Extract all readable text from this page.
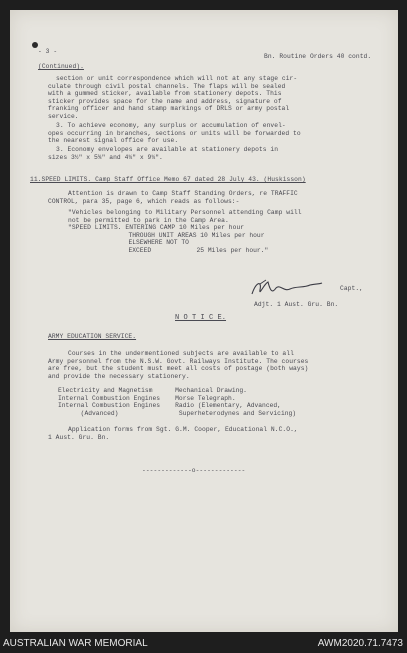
- 3 -
Bn. Routine Orders 40 contd.
(Continued).
section or unit correspondence which will not at any stage cir-
culate through civil postal channels. The flaps will be sealed
with a gummed sticker, available from stationery depots. This
sticker provides space for the name and address, signature of
franking officer and hand stamp markings of DRLS or army postal
service.
3. To achieve economy, any surplus or accumulation of envel-
opes occurring in branches, sections or units will be forwarded to
the nearest signal office for use.
3. Economy envelopes are available at stationery depots in
sizes 3½" x 5¾" and 4¼" x 9¼".
11.SPEED LIMITS. Camp Staff Office Memo 67 dated 28 July 43. (Huskisson)
Attention is drawn to Camp Staff Standing Orders, re TRAFFIC
CONTROL, para 35, page 6, which reads as follows:-
"Vehicles belonging to Military Personnel attending Camp will
not be permitted to park in the Camp Area.
"SPEED LIMITS. ENTERING CAMP 10 Miles per hour
THROUGH UNIT AREAS 10 Miles per hour
ELSEWHERE NOT TO
EXCEED            25 Miles per hour."
Capt.,
Adjt. 1 Aust. Gru. Bn.
N O T I C E.
ARMY EDUCATION SERVICE.
Courses in the undermentioned subjects are available to all
Army personnel from the N.S.W. Govt. Railways Institute. The courses
are free, but the student must meet all costs of postage (both ways)
and provide the necessary stationery.
Electricity and Magnetism      Mechanical Drawing.
Internal Combustion Engines    Morse Telegraph.
Internal Combustion Engines    Radio (Elementary, Advanced,
(Advanced)                Superheterodynes and Servicing)
Application forms from Sgt. G.M. Cooper, Educational N.C.O.,
1 Aust. Gru. Bn.
-------------o-------------
AUSTRALIAN WAR MEMORIAL	AWM2020.71.7473
